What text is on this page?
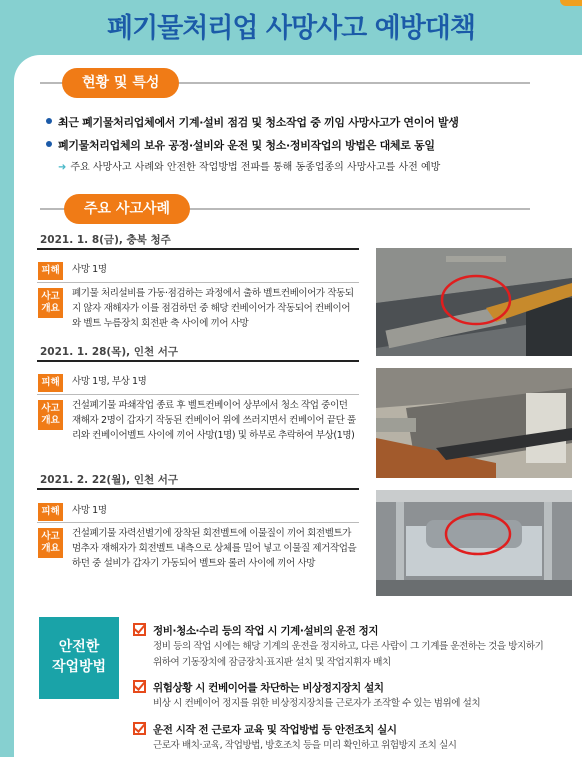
폐기물처리업 사망사고 예방대책
현황 및 특성
최근 폐기물처리업체에서 기계·설비 점검 및 청소작업 중 끼임 사망사고가 연이어 발생
폐기물처리업체의 보유 공정·설비와 운전 및 청소·정비작업의 방법은 대체로 동일
➜ 주요 사망사고 사례와 안전한 작업방법 전파를 통해 동종업종의 사망사고를 사전 예방
주요 사고사례
2021. 1. 8(금), 충북 청주
피해	사망 1명
사고
개요
폐기물 처리설비를 가동·점검하는 과정에서 출하 벨트컨베이어가 작동되지 않자 재해자가 이를 점검하던 중 해당 컨베이어가 작동되어 컨베이어와 벨트 누름장치 회전판 축 사이에 끼어 사망
2021. 1. 28(목), 인천 서구
피해	사망 1명, 부상 1명
사고
개요
건설폐기물 파쇄작업 종료 후 벨트컨베이어 상부에서 청소 작업 중이던 재해자 2명이 갑자기 작동된 컨베이어 위에 쓰러지면서 컨베이어 끝단 풀리와 컨베이어벨트 사이에 끼어 사망(1명) 및 하부로 추락하여 부상(1명)
2021. 2. 22(월), 인천 서구
피해	사망 1명
사고
개요
건설폐기물 자력선별기에 장착된 회전벨트에 이물질이 끼어 회전벨트가 멈추자 재해자가 회전벨트 내측으로 상체를 밀어 넣고 이물질 제거작업을 하던 중 설비가 갑자기 가동되어 벨트와 롤러 사이에 끼어 사망
안전한
작업방법
정비·청소·수리 등의 작업 시 기계·설비의 운전 정지
정비 등의 작업 시에는 해당 기계의 운전을 정지하고, 다른 사람이 그 기계를 운전하는 것을 방지하기 위하여 기동장치에 잠금장치·표지판 설치 및 작업지휘자 배치
위험상황 시 컨베이어를 차단하는 비상정지장치 설치
비상 시 컨베이어 정지를 위한 비상정지장치를 근로자가 조작할 수 있는 범위에 설치
운전 시작 전 근로자 교육 및 작업방법 등 안전조치 실시
근로자 배치·교육, 작업방법, 방호조치 등을 미리 확인하고 위험방지 조치 실시
